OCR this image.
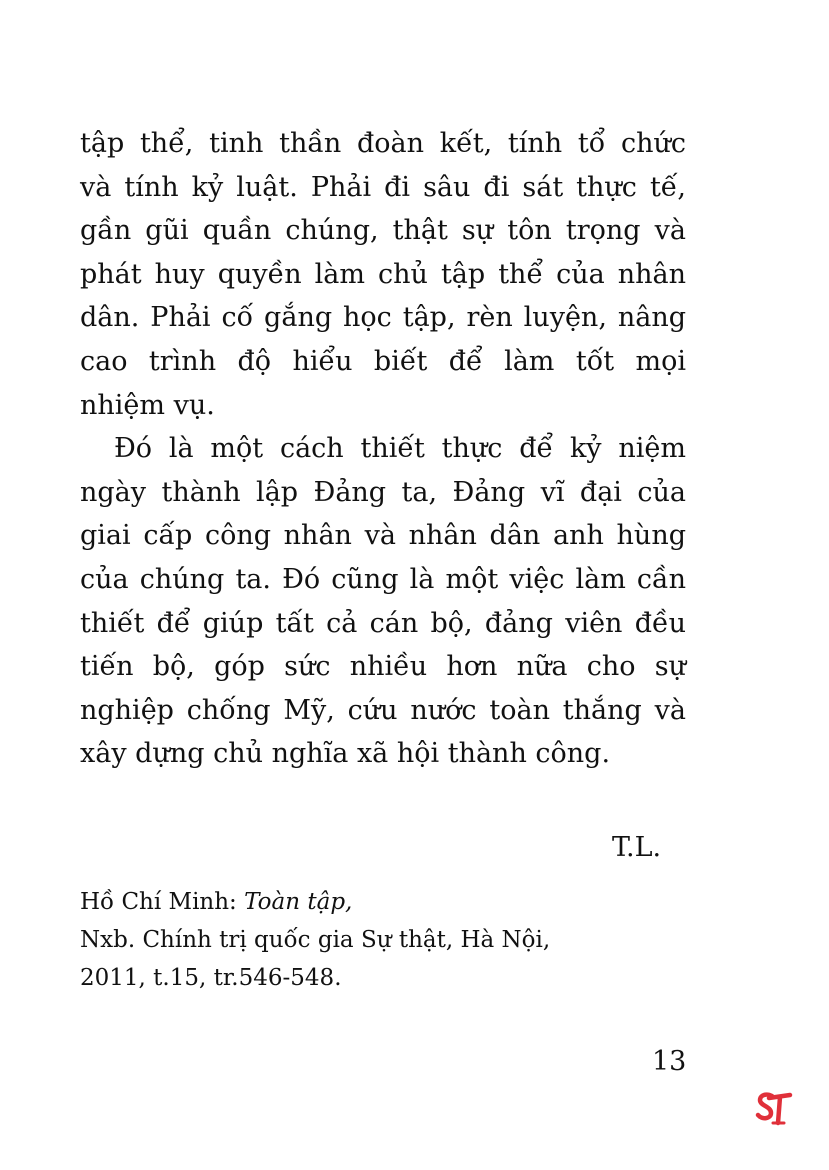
tập thể, tinh thần đoàn kết, tính tổ chức
và tính kỷ luật. Phải đi sâu đi sát thực tế,
gần gũi quần chúng, thật sự tôn trọng và
phát huy quyền làm chủ tập thể của nhân
dân. Phải cố gắng học tập, rèn luyện, nâng
cao trình độ hiểu biết để làm tốt mọi
nhiệm vụ.

Đó là một cách thiết thực để kỷ niệm
ngày thành lập Đảng ta, Đảng vĩ đại của
giai cấp công nhân và nhân dân anh hùng
của chúng ta. Đó cũng là một việc làm cần
thiết để giúp tất cả cán bộ, đảng viên đều
tiến bộ, góp sức nhiều hơn nữa cho sự
nghiệp chống Mỹ, cứu nước toàn thắng và
xây dựng chủ nghĩa xã hội thành công.

T.L.
Hồ Chí Minh: Toàn tập,
Nxb. Chính trị quốc gia Sự thật, Hà Nội,
2011, t.15, tr.546-548.
13
